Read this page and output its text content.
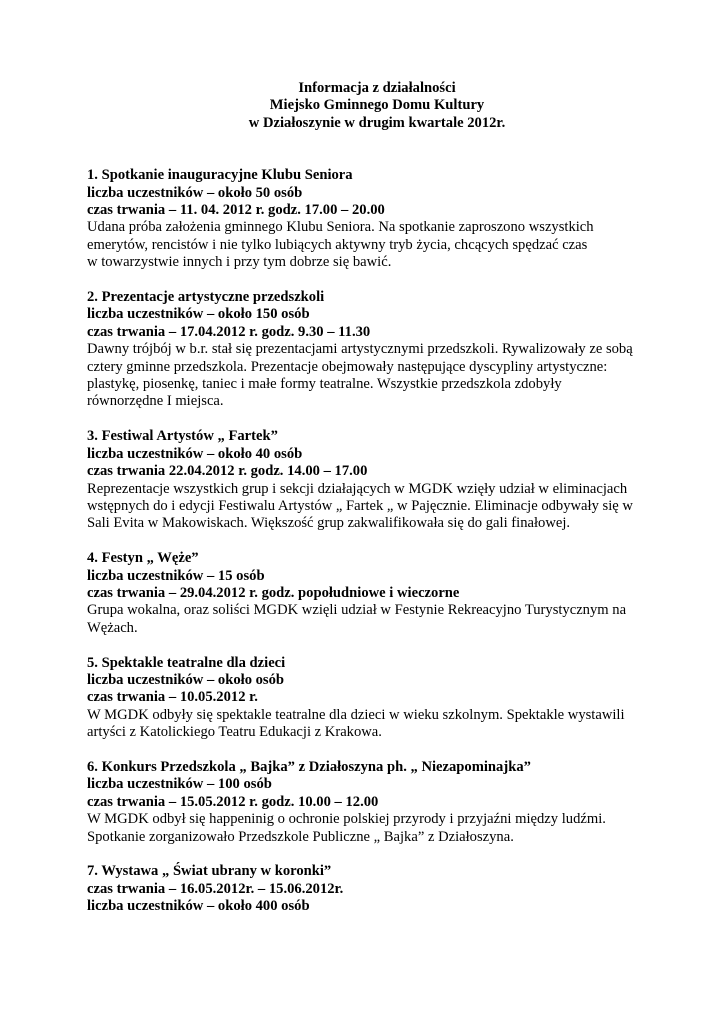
Informacja z działalności
Miejsko Gminnego Domu Kultury
w Działoszynie w drugim kwartale 2012r.
1. Spotkanie inauguracyjne Klubu Seniora
liczba uczestników – około 50 osób
czas trwania – 11. 04. 2012 r. godz. 17.00 – 20.00
Udana próba założenia gminnego Klubu Seniora. Na spotkanie zaproszono wszystkich
emerytów, rencistów i nie tylko lubiących aktywny tryb życia, chcących spędzać czas
w towarzystwie innych i przy tym dobrze się bawić.
2. Prezentacje artystyczne przedszkoli
liczba uczestników – około 150 osób
czas trwania – 17.04.2012 r. godz. 9.30 – 11.30
Dawny trójbój w b.r. stał się prezentacjami artystycznymi przedszkoli. Rywalizowały ze sobą
cztery gminne przedszkola. Prezentacje obejmowały następujące dyscypliny artystyczne:
plastykę, piosenkę, taniec i małe formy teatralne. Wszystkie przedszkola zdobyły
równorzędne I miejsca.
3. Festiwal Artystów „ Fartek”
liczba uczestników – około 40 osób
czas trwania 22.04.2012 r. godz. 14.00 – 17.00
Reprezentacje wszystkich grup i sekcji działających w MGDK wzięły udział w eliminacjach
wstępnych do i edycji Festiwalu Artystów „ Fartek „ w Pajęcznie. Eliminacje odbywały się w
Sali Evita w Makowiskach. Większość grup zakwalifikowała się do gali finałowej.
4. Festyn „ Węże”
liczba uczestników – 15 osób
czas trwania – 29.04.2012 r. godz. popołudniowe i wieczorne
Grupa wokalna, oraz soliści MGDK wzięli udział w Festynie Rekreacyjno Turystycznym na
Wężach.
5. Spektakle teatralne dla dzieci
liczba uczestników – około osób
czas trwania – 10.05.2012 r.
W MGDK odbyły się spektakle teatralne dla dzieci w wieku szkolnym. Spektakle wystawili
artyści z Katolickiego Teatru Edukacji z Krakowa.
6. Konkurs Przedszkola „ Bajka” z Działoszyna ph. „ Niezapominajka”
liczba uczestników – 100 osób
czas trwania – 15.05.2012 r. godz. 10.00 – 12.00
W MGDK odbył się happeninig o ochronie polskiej przyrody i przyjaźni między ludźmi.
Spotkanie zorganizowało Przedszkole Publiczne „ Bajka” z Działoszyna.
7. Wystawa „ Świat ubrany w koronki”
czas trwania – 16.05.2012r. – 15.06.2012r.
liczba uczestników – około 400 osób
